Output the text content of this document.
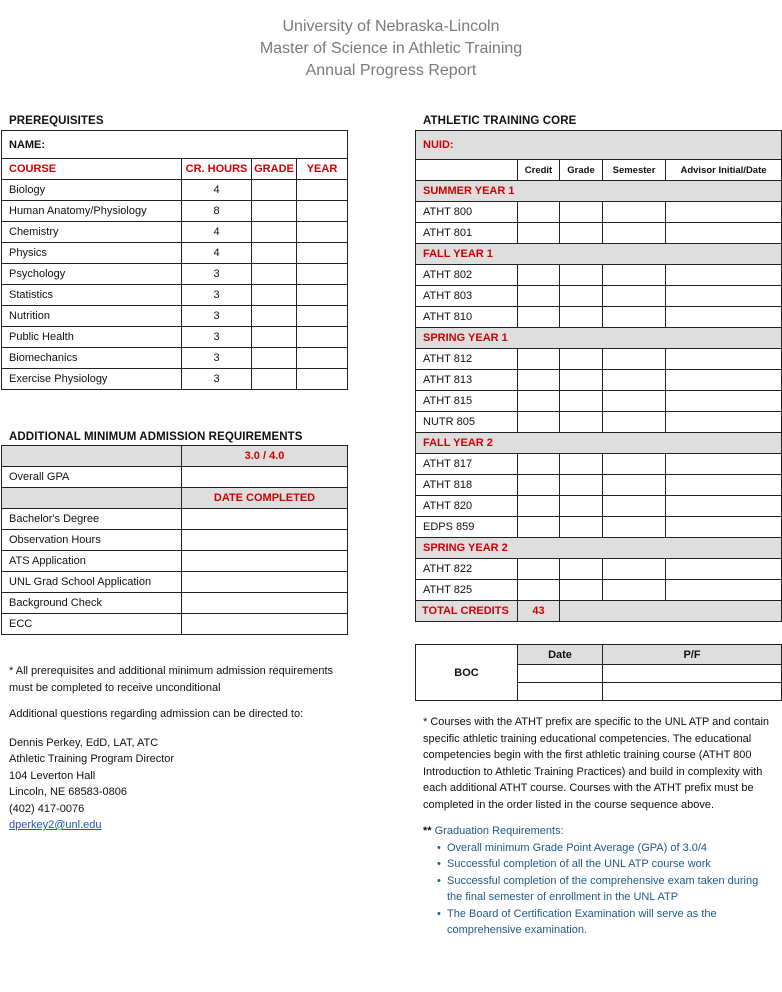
University of Nebraska-Lincoln
Master of Science in Athletic Training
Annual Progress Report
PREREQUISITES
NAME:			
COURSE	CR. HOURS	GRADE	YEAR
Biology	4		
Human Anatomy/Physiology	8		
Chemistry	4		
Physics	4		
Psychology	3		
Statistics	3		
Nutrition	3		
Public Health	3		
Biomechanics	3		
Exercise Physiology	3		
ADDITIONAL MINIMUM ADMISSION REQUIREMENTS
	3.0 / 4.0
Overall GPA	
	DATE COMPLETED
Bachelor's Degree	
Observation Hours	
ATS Application	
UNL Grad School Application	
Background Check	
ECC	
* All prerequisites and additional minimum admission requirements must be completed to receive unconditional
Additional questions regarding admission can be directed to:
Dennis Perkey, EdD, LAT, ATC
Athletic Training Program Director
104 Leverton Hall
Lincoln, NE 68583-0806
(402) 417-0076
dperkey2@unl.edu
ATHLETIC TRAINING CORE
NUID:				
	Credit	Grade	Semester	Advisor Initial/Date
SUMMER YEAR 1				
ATHT 800				
ATHT 801				
FALL YEAR 1				
ATHT 802				
ATHT 803				
ATHT 810				
SPRING YEAR 1				
ATHT 812				
ATHT 813				
ATHT 815				
NUTR 805				
FALL YEAR 2				
ATHT 817				
ATHT 818				
ATHT 820				
EDPS 859				
SPRING YEAR 2				
ATHT 822				
ATHT 825				
TOTAL CREDITS	43			
BOC	Date	P/F

* Courses with the ATHT prefix are specific to the UNL ATP and contain specific athletic training educational competencies. The educational competencies begin with the first athletic training course (ATHT 800 Introduction to Athletic Training Practices) and build in complexity with each additional ATHT course. Courses with the ATHT prefix must be completed in the order listed in the course sequence above.
** Graduation Requirements:
• Overall minimum Grade Point Average (GPA) of 3.0/4
• Successful completion of all the UNL ATP course work
• Successful completion of the comprehensive exam taken during the final semester of enrollment in the UNL ATP
• The Board of Certification Examination will serve as the comprehensive examination.
